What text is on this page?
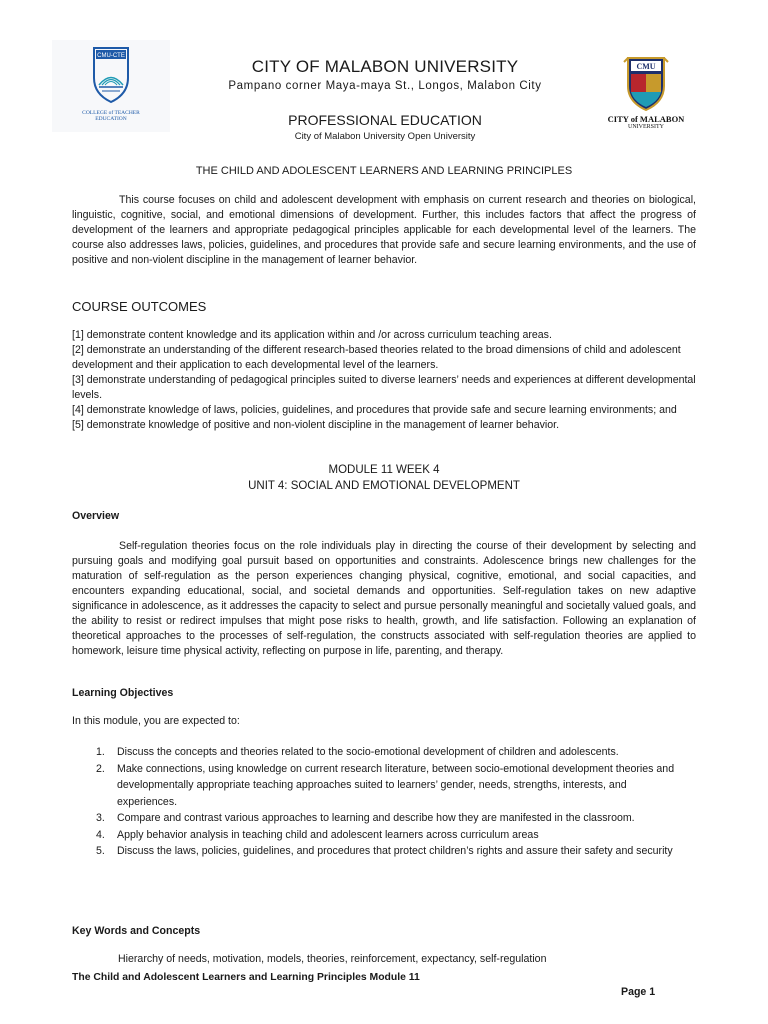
CMU-CTE
COLLEGE of TEACHER EDUCATION
CITY OF MALABON UNIVERSITY
Pampano corner Maya-maya St., Longos, Malabon City
PROFESSIONAL EDUCATION
City of Malabon University Open University
CMU
CITY of MALABON
UNIVERSITY
THE CHILD AND ADOLESCENT LEARNERS AND LEARNING PRINCIPLES

This course focuses on child and adolescent development with emphasis on current research and theories on biological, linguistic, cognitive, social, and emotional dimensions of development. Further, this includes factors that affect the progress of development of the learners and appropriate pedagogical principles applicable for each developmental level of the learners. The course also addresses laws, policies, guidelines, and procedures that provide safe and secure learning environments, and the use of positive and non-violent discipline in the management of learner behavior.

COURSE OUTCOMES
[1] demonstrate content knowledge and its application within and /or across curriculum teaching areas.
[2] demonstrate an understanding of the different research-based theories related to the broad dimensions of child and adolescent development and their application to each developmental level of the learners.
[3] demonstrate understanding of pedagogical principles suited to diverse learners’ needs and experiences at different developmental levels.
[4] demonstrate knowledge of laws, policies, guidelines, and procedures that provide safe and secure learning environments; and
[5] demonstrate knowledge of positive and non-violent discipline in the management of learner behavior.
MODULE 11 WEEK 4
UNIT 4: SOCIAL AND EMOTIONAL DEVELOPMENT
Overview

Self-regulation theories focus on the role individuals play in directing the course of their development by selecting and pursuing goals and modifying goal pursuit based on opportunities and constraints. Adolescence brings new challenges for the maturation of self-regulation as the person experiences changing physical, cognitive, emotional, and social capacities, and encounters expanding educational, social, and societal demands and opportunities. Self-regulation takes on new adaptive significance in adolescence, as it addresses the capacity to select and pursue personally meaningful and societally valued goals, and the ability to resist or redirect impulses that might pose risks to health, growth, and life satisfaction. Following an explanation of theoretical approaches to the processes of self-regulation, the constructs associated with self-regulation theories are applied to homework, leisure time physical activity, reflecting on purpose in life, parenting, and therapy.

Learning Objectives
In this module, you are expected to:
1.	Discuss the concepts and theories related to the socio-emotional development of children and adolescents.
2.	Make connections, using knowledge on current research literature, between socio-emotional development theories and developmentally appropriate teaching approaches suited to learners’ gender, needs, strengths, interests, and experiences.
3.	Compare and contrast various approaches to learning and describe how they are manifested in the classroom.
4.	Apply behavior analysis in teaching child and adolescent learners across curriculum areas
5.	Discuss the laws, policies, guidelines, and procedures that protect children’s rights and assure their safety and security
Key Words and Concepts
Hierarchy of needs, motivation, models, theories, reinforcement, expectancy, self-regulation
The Child and Adolescent Learners and Learning Principles Module 11
Page 1
